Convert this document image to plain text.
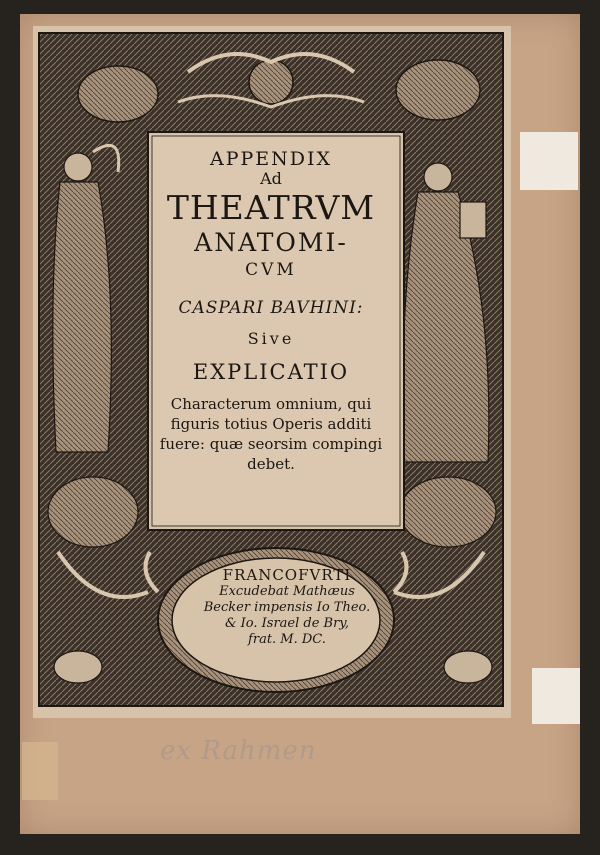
ex Rahmen
APPENDIX
Ad
THEATRVM
ANATOMI-
CVM
CASPARI BAVHINI:
Sive
EXPLICATIO
Characterum omnium, qui figuris totius Operis additi fuere: quæ seorsim compingi debet.
FRANCOFVRTI
Excudebat Mathæus
Becker impensis Io Theo.
& Io. Israel de Bry,
frat. M. DC.
